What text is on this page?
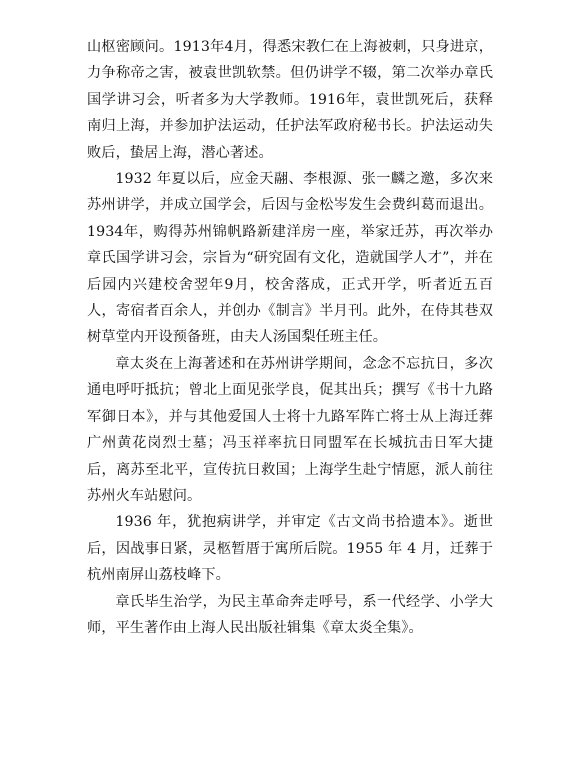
山枢密顾问。1913年4月，得悉宋教仁在上海被刺，只身进京，力争称帝之害，被袁世凯软禁。但仍讲学不辍，第二次举办章氏国学讲习会，听者多为大学教师。1916年，袁世凯死后，获释南归上海，并参加护法运动，任护法军政府秘书长。护法运动失败后，蛰居上海，潜心著述。

1932 年夏以后，应金天翮、李根源、张一麟之邀，多次来苏州讲学，并成立国学会，后因与金松岑发生会费纠葛而退出。1934年，购得苏州锦帆路新建洋房一座，举家迁苏，再次举办章氏国学讲习会，宗旨为“研究固有文化，造就国学人才”，并在后园内兴建校舍翌年9月，校舍落成，正式开学，听者近五百人，寄宿者百余人，并创办《制言》半月刊。此外，在侍其巷双树草堂内开设预备班，由夫人汤国梨任班主任。

章太炎在上海著述和在苏州讲学期间，念念不忘抗日，多次通电呼吁抵抗；曾北上面见张学良，促其出兵；撰写《书十九路军御日本》，并与其他爱国人士将十九路军阵亡将士从上海迁葬广州黄花岗烈士墓；冯玉祥率抗日同盟军在长城抗击日军大捷后，离苏至北平，宣传抗日救国；上海学生赴宁情愿，派人前往苏州火车站慰问。

1936 年，犹抱病讲学，并审定《古文尚书拾遗本》。逝世后，因战事日紧，灵柩暂厝于寓所后院。1955 年 4 月，迁葬于杭州南屏山荔枝峰下。

章氏毕生治学，为民主革命奔走呼号，系一代经学、小学大师，平生著作由上海人民出版社辑集《章太炎全集》。
